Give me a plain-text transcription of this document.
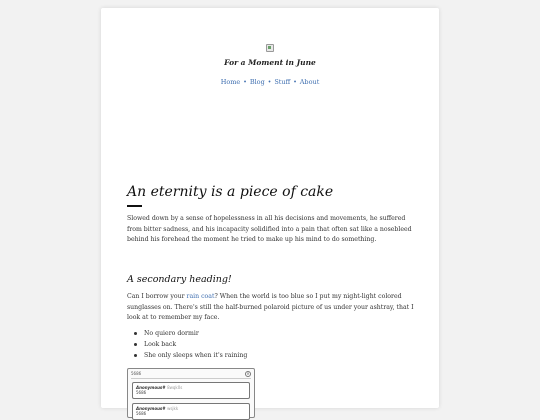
For a Moment in June
Home • Blog • Stuff • About
An eternity is a piece of cake

Slowed down by a sense of hopelessness in all his decisions and movements, he suffered from bitter sadness, and his incapacity solidified into a pain that often sat like a nosebleed behind his forehead the moment he tried to make up his mind to do something.

A secondary heading!

Can I borrow your rain coat? When the world is too blue so I put my night-light colored sunglasses on. There's still the half-burned polaroid picture of us under your ashtray, that I look at to remember my face.

No quiero dormir
Look back
She only sleeps when it's raining
5686	×
Anonymous# 8wqk0s
5686
Anonymous# wsjkk
5686
